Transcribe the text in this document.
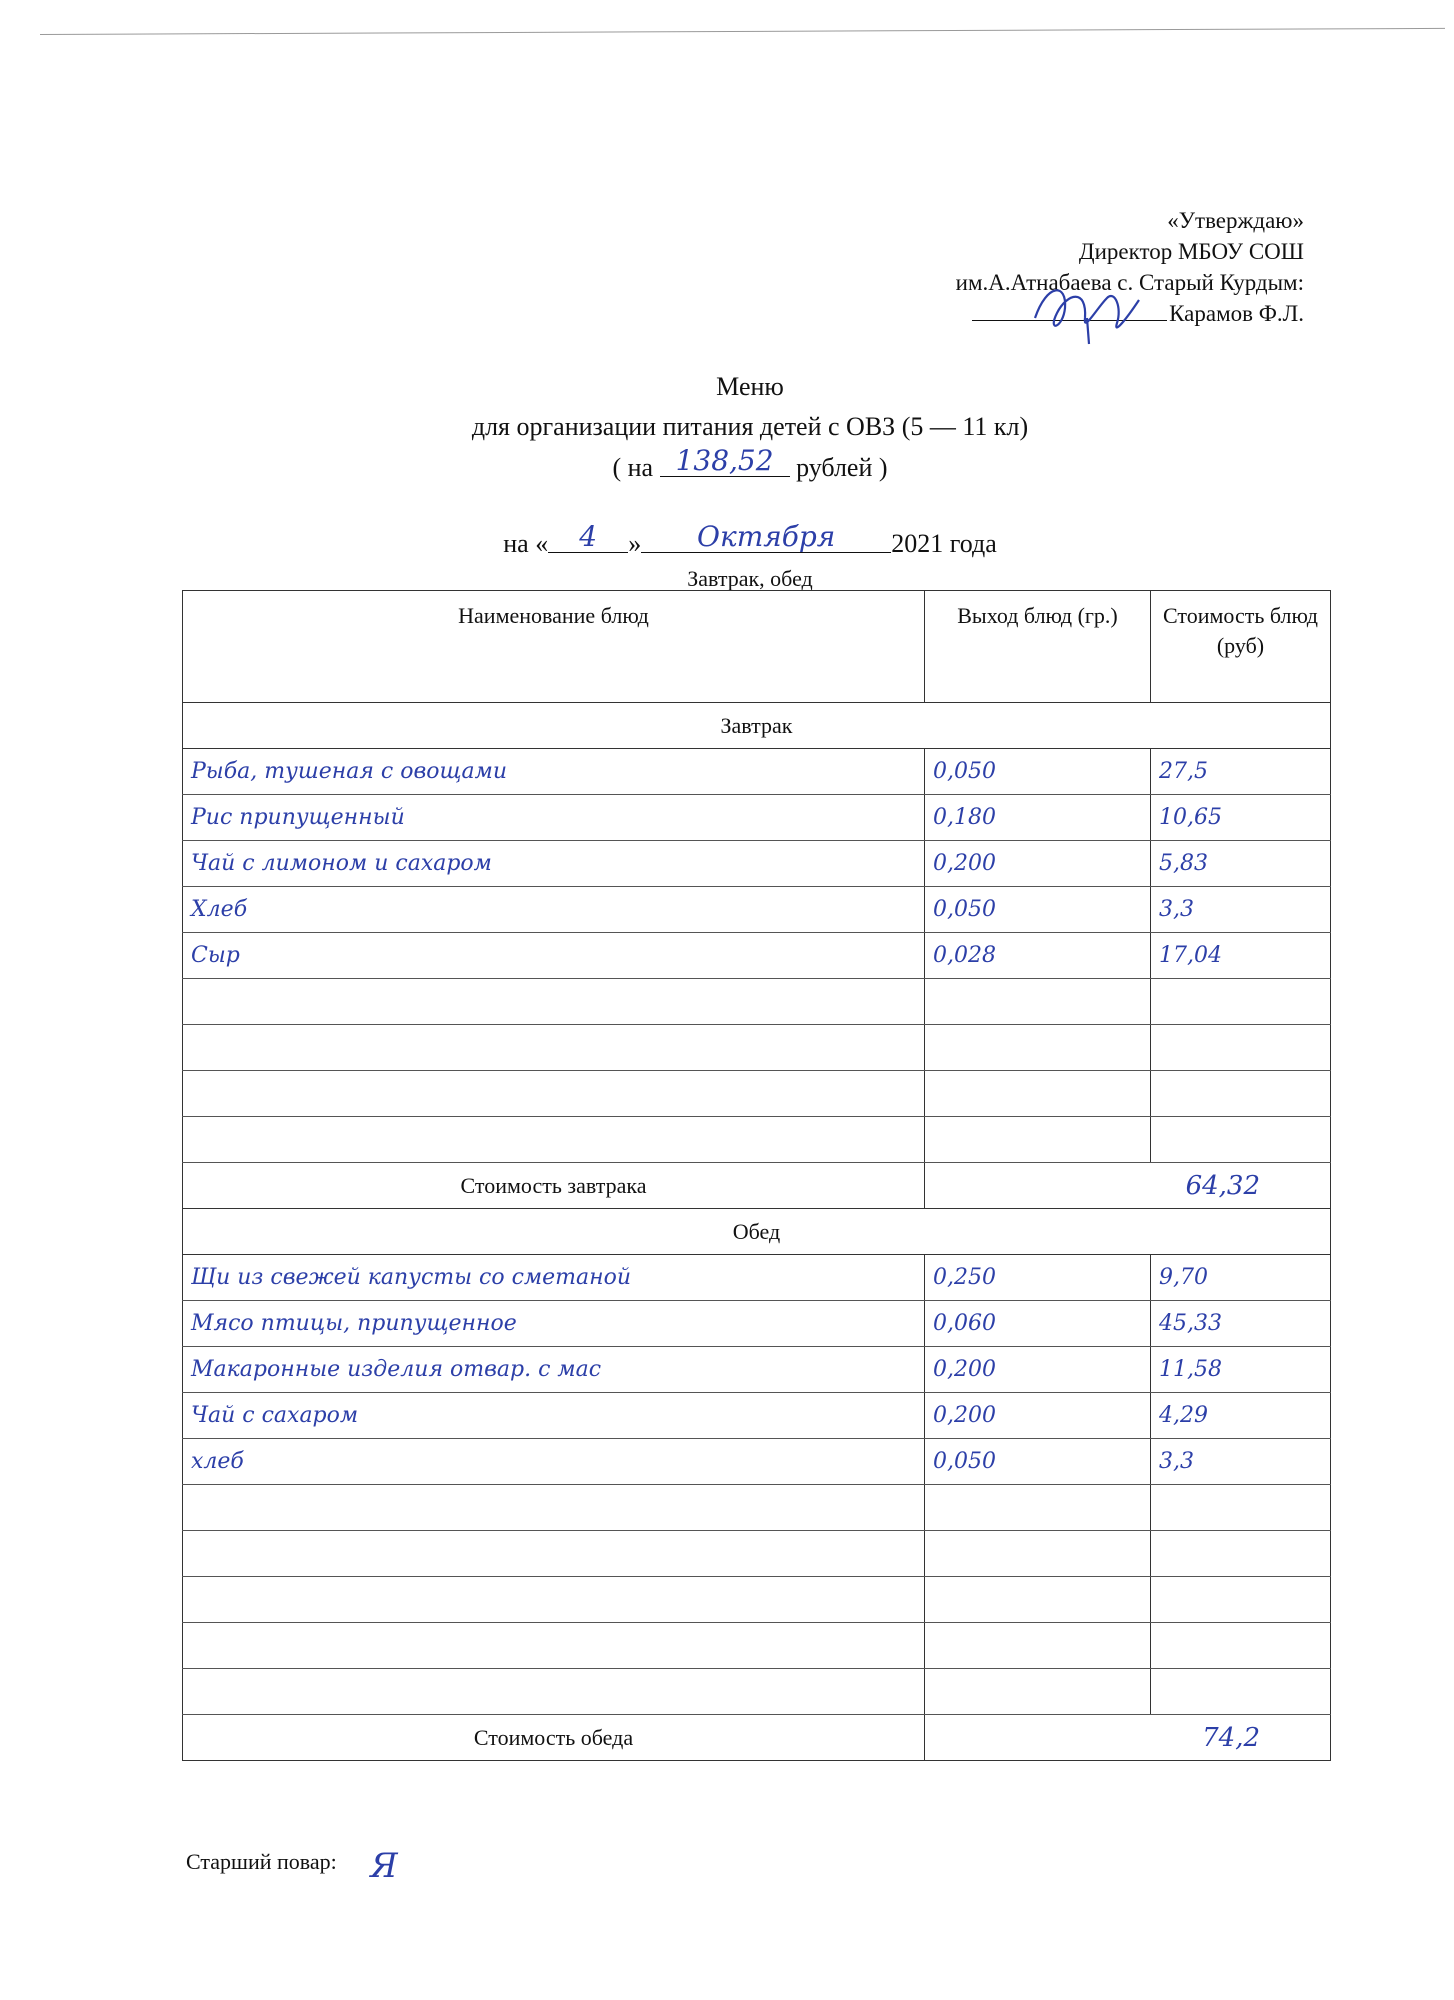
«Утверждаю»
Директор МБОУ СОШ
им.А.Атнабаева с. Старый Курдым:
Карамов Ф.Л.
Меню
для организации питания детей с ОВЗ (5 — 11 кл)
( на 138,52 рублей )
на « 4 » Октября 2021 года
Завтрак, обед
Наименование блюд	Выход блюд (гр.)	Стоимость блюд (руб)
Завтрак		
Рыба, тушеная с овощами	0,050	27,5
Рис припущенный	0,180	10,65
Чай с лимоном и сахаром	0,200	5,83
Хлеб	0,050	3,3
Сыр	0,028	17,04

Стоимость завтрака	64,32	
Обед		
Щи из свежей капусты со сметаной	0,250	9,70
Мясо птицы, припущенное	0,060	45,33
Макаронные изделия отвар. с мас	0,200	11,58
Чай с сахаром	0,200	4,29
хлеб	0,050	3,3

Стоимость обеда	74,2	
Старший повар: Я
